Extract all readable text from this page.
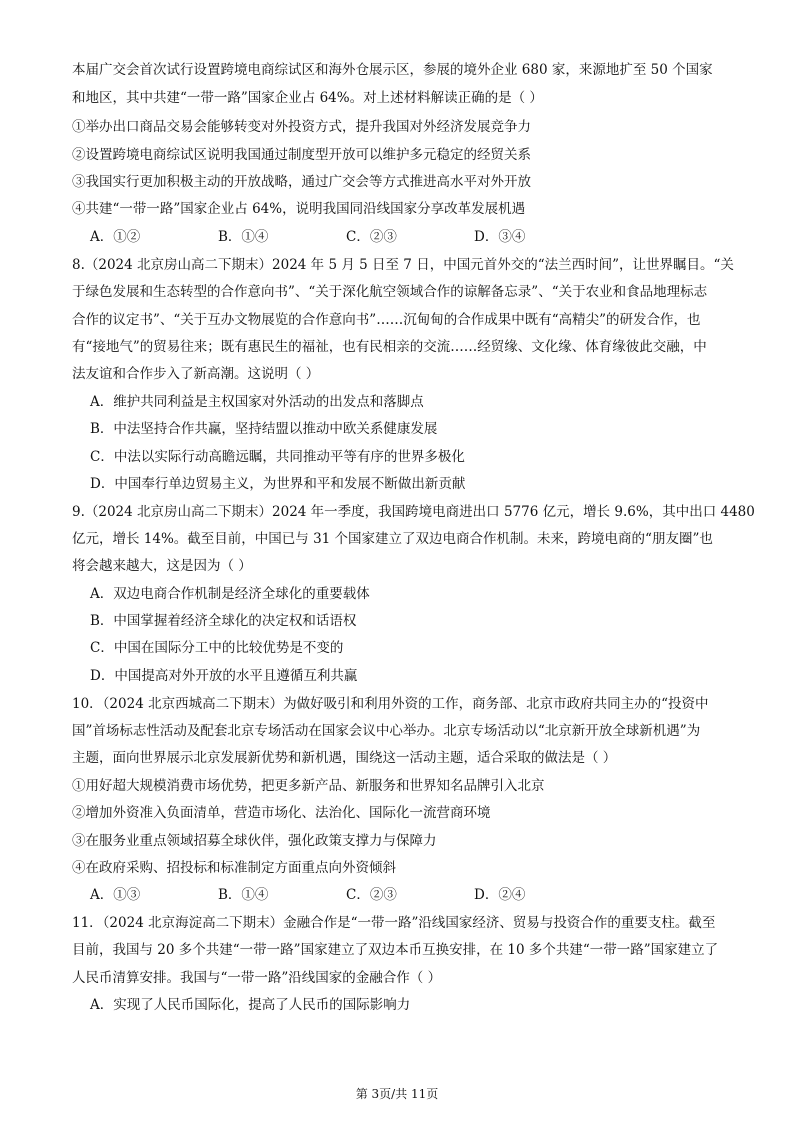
本届广交会首次试行设置跨境电商综试区和海外仓展示区，参展的境外企业 680 家，来源地扩至 50 个国家
和地区，其中共建“一带一路”国家企业占 64%。对上述材料解读正确的是（ ）
①举办出口商品交易会能够转变对外投资方式，提升我国对外经济发展竞争力
②设置跨境电商综试区说明我国通过制度型开放可以维护多元稳定的经贸关系
③我国实行更加积极主动的开放战略，通过广交会等方式推进高水平对外开放
④共建“一带一路”国家企业占 64%，说明我国同沿线国家分享改革发展机遇
A．①②	B．①④	C．②③	D．③④
8.（2024 北京房山高二下期末）2024 年 5 月 5 日至 7 日，中国元首外交的“法兰西时间”，让世界瞩目。“关
于绿色发展和生态转型的合作意向书”、“关于深化航空领域合作的谅解备忘录”、“关于农业和食品地理标志
合作的议定书”、“关于互办文物展览的合作意向书”……沉甸甸的合作成果中既有“高精尖”的研发合作，也
有“接地气”的贸易往来；既有惠民生的福祉，也有民相亲的交流……经贸缘、文化缘、体育缘彼此交融，中
法友谊和合作步入了新高潮。这说明（ ）
A．维护共同利益是主权国家对外活动的出发点和落脚点
B．中法坚持合作共赢，坚持结盟以推动中欧关系健康发展
C．中法以实际行动高瞻远瞩，共同推动平等有序的世界多极化
D．中国奉行单边贸易主义，为世界和平和发展不断做出新贡献
9.（2024 北京房山高二下期末）2024 年一季度，我国跨境电商进出口 5776 亿元，增长 9.6%，其中出口 4480
亿元，增长 14%。截至目前，中国已与 31 个国家建立了双边电商合作机制。未来，跨境电商的“朋友圈”也
将会越来越大，这是因为（ ）
A．双边电商合作机制是经济全球化的重要载体
B．中国掌握着经济全球化的决定权和话语权
C．中国在国际分工中的比较优势是不变的
D．中国提高对外开放的水平且遵循互利共赢
10．（2024 北京西城高二下期末）为做好吸引和利用外资的工作，商务部、北京市政府共同主办的“投资中
国”首场标志性活动及配套北京专场活动在国家会议中心举办。北京专场活动以“北京新开放全球新机遇”为
主题，面向世界展示北京发展新优势和新机遇，围绕这一活动主题，适合采取的做法是（ ）
①用好超大规模消费市场优势，把更多新产品、新服务和世界知名品牌引入北京
②增加外资准入负面清单，营造市场化、法治化、国际化一流营商环境
③在服务业重点领域招募全球伙伴，强化政策支撑力与保障力
④在政府采购、招投标和标准制定方面重点向外资倾斜
A．①③	B．①④	C．②③	D．②④
11．（2024 北京海淀高二下期末）金融合作是“一带一路”沿线国家经济、贸易与投资合作的重要支柱。截至
目前，我国与 20 多个共建“一带一路”国家建立了双边本币互换安排，在 10 多个共建“一带一路”国家建立了
人民币清算安排。我国与“一带一路”沿线国家的金融合作（ ）
A．实现了人民币国际化，提高了人民币的国际影响力
第 3页/共 11页
